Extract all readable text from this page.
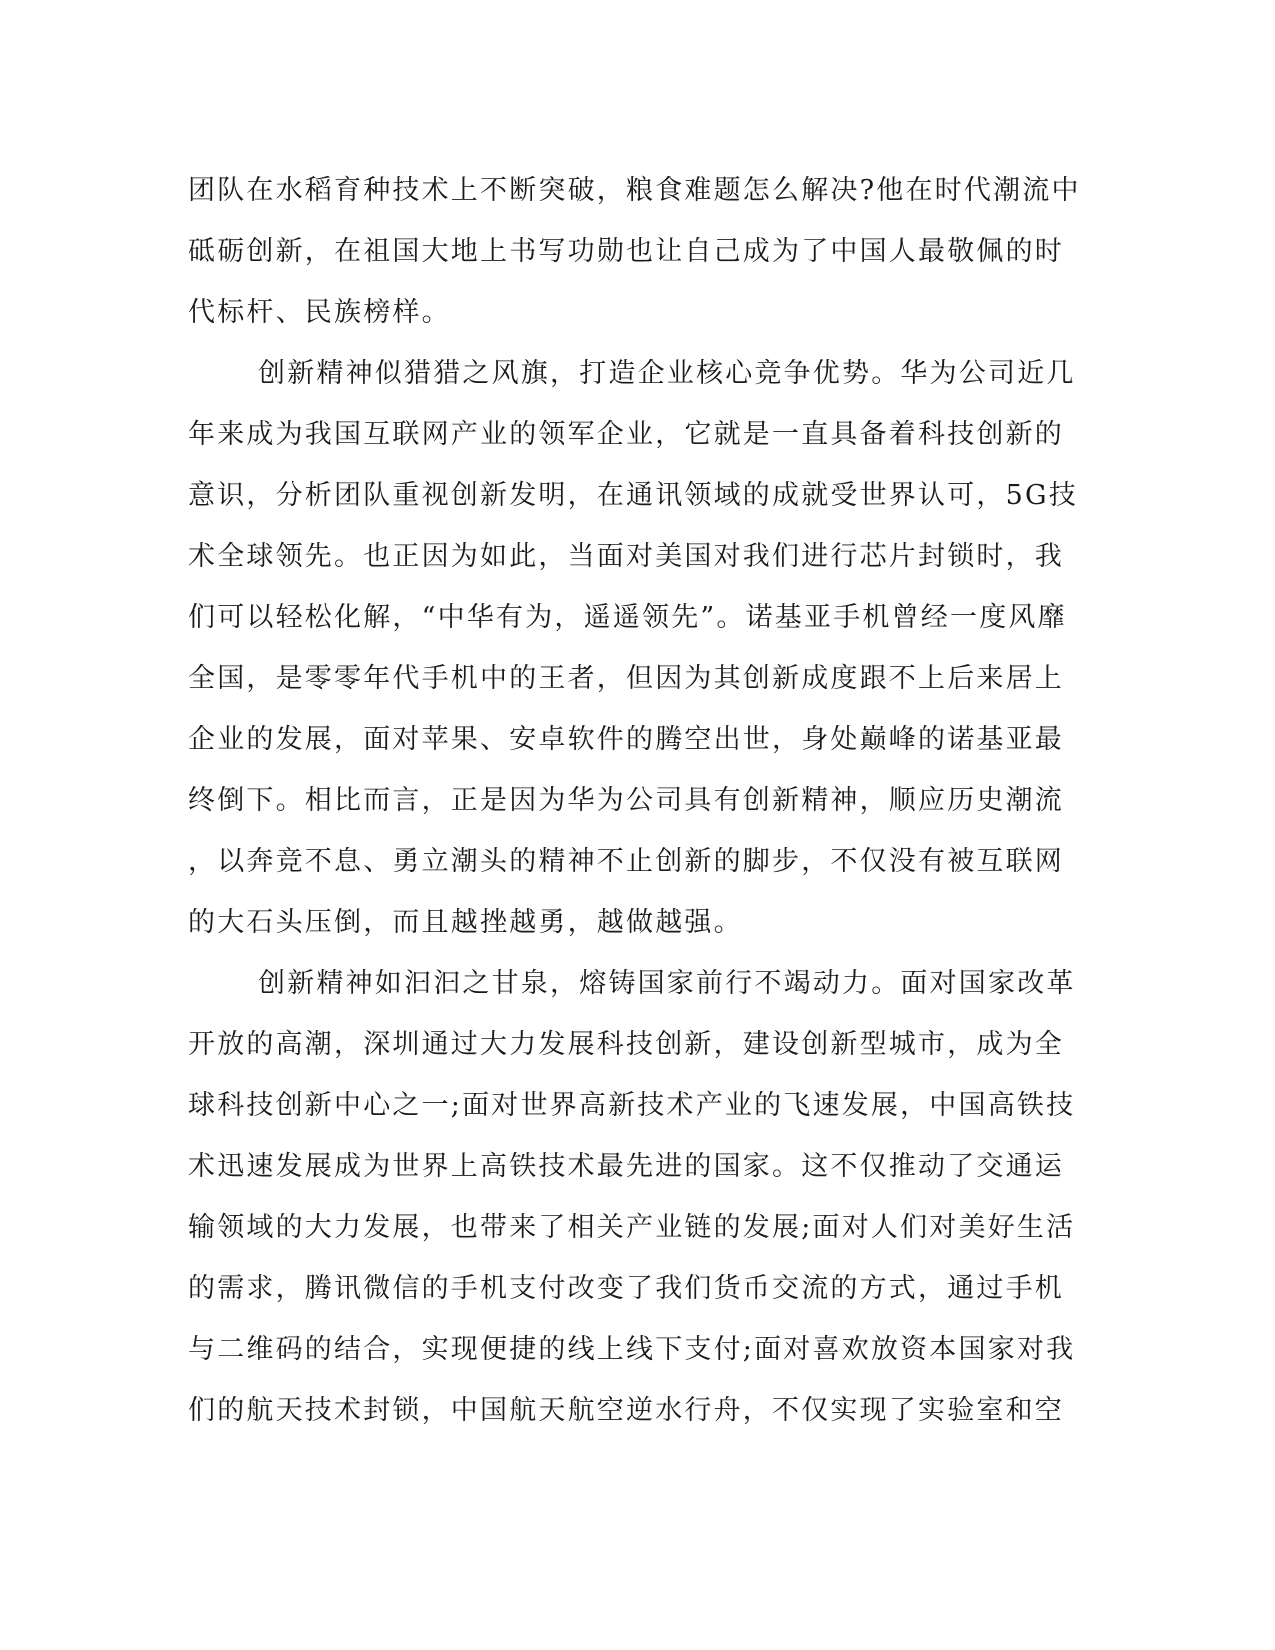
团队在水稻育种技术上不断突破，粮食难题怎么解决?他在时代潮流中
砥砺创新，在祖国大地上书写功勋也让自己成为了中国人最敬佩的时
代标杆、民族榜样。
创新精神似猎猎之风旗，打造企业核心竞争优势。华为公司近几
年来成为我国互联网产业的领军企业，它就是一直具备着科技创新的
意识，分析团队重视创新发明，在通讯领域的成就受世界认可，5G技
术全球领先。也正因为如此，当面对美国对我们进行芯片封锁时，我
们可以轻松化解，“中华有为，遥遥领先”。诺基亚手机曾经一度风靡
全国，是零零年代手机中的王者，但因为其创新成度跟不上后来居上
企业的发展，面对苹果、安卓软件的腾空出世，身处巅峰的诺基亚最
终倒下。相比而言，正是因为华为公司具有创新精神，顺应历史潮流
，以奔竞不息、勇立潮头的精神不止创新的脚步，不仅没有被互联网
的大石头压倒，而且越挫越勇，越做越强。
创新精神如汩汩之甘泉，熔铸国家前行不竭动力。面对国家改革
开放的高潮，深圳通过大力发展科技创新，建设创新型城市，成为全
球科技创新中心之一;面对世界高新技术产业的飞速发展，中国高铁技
术迅速发展成为世界上高铁技术最先进的国家。这不仅推动了交通运
输领域的大力发展，也带来了相关产业链的发展;面对人们对美好生活
的需求，腾讯微信的手机支付改变了我们货币交流的方式，通过手机
与二维码的结合，实现便捷的线上线下支付;面对喜欢放资本国家对我
们的航天技术封锁，中国航天航空逆水行舟，不仅实现了实验室和空
